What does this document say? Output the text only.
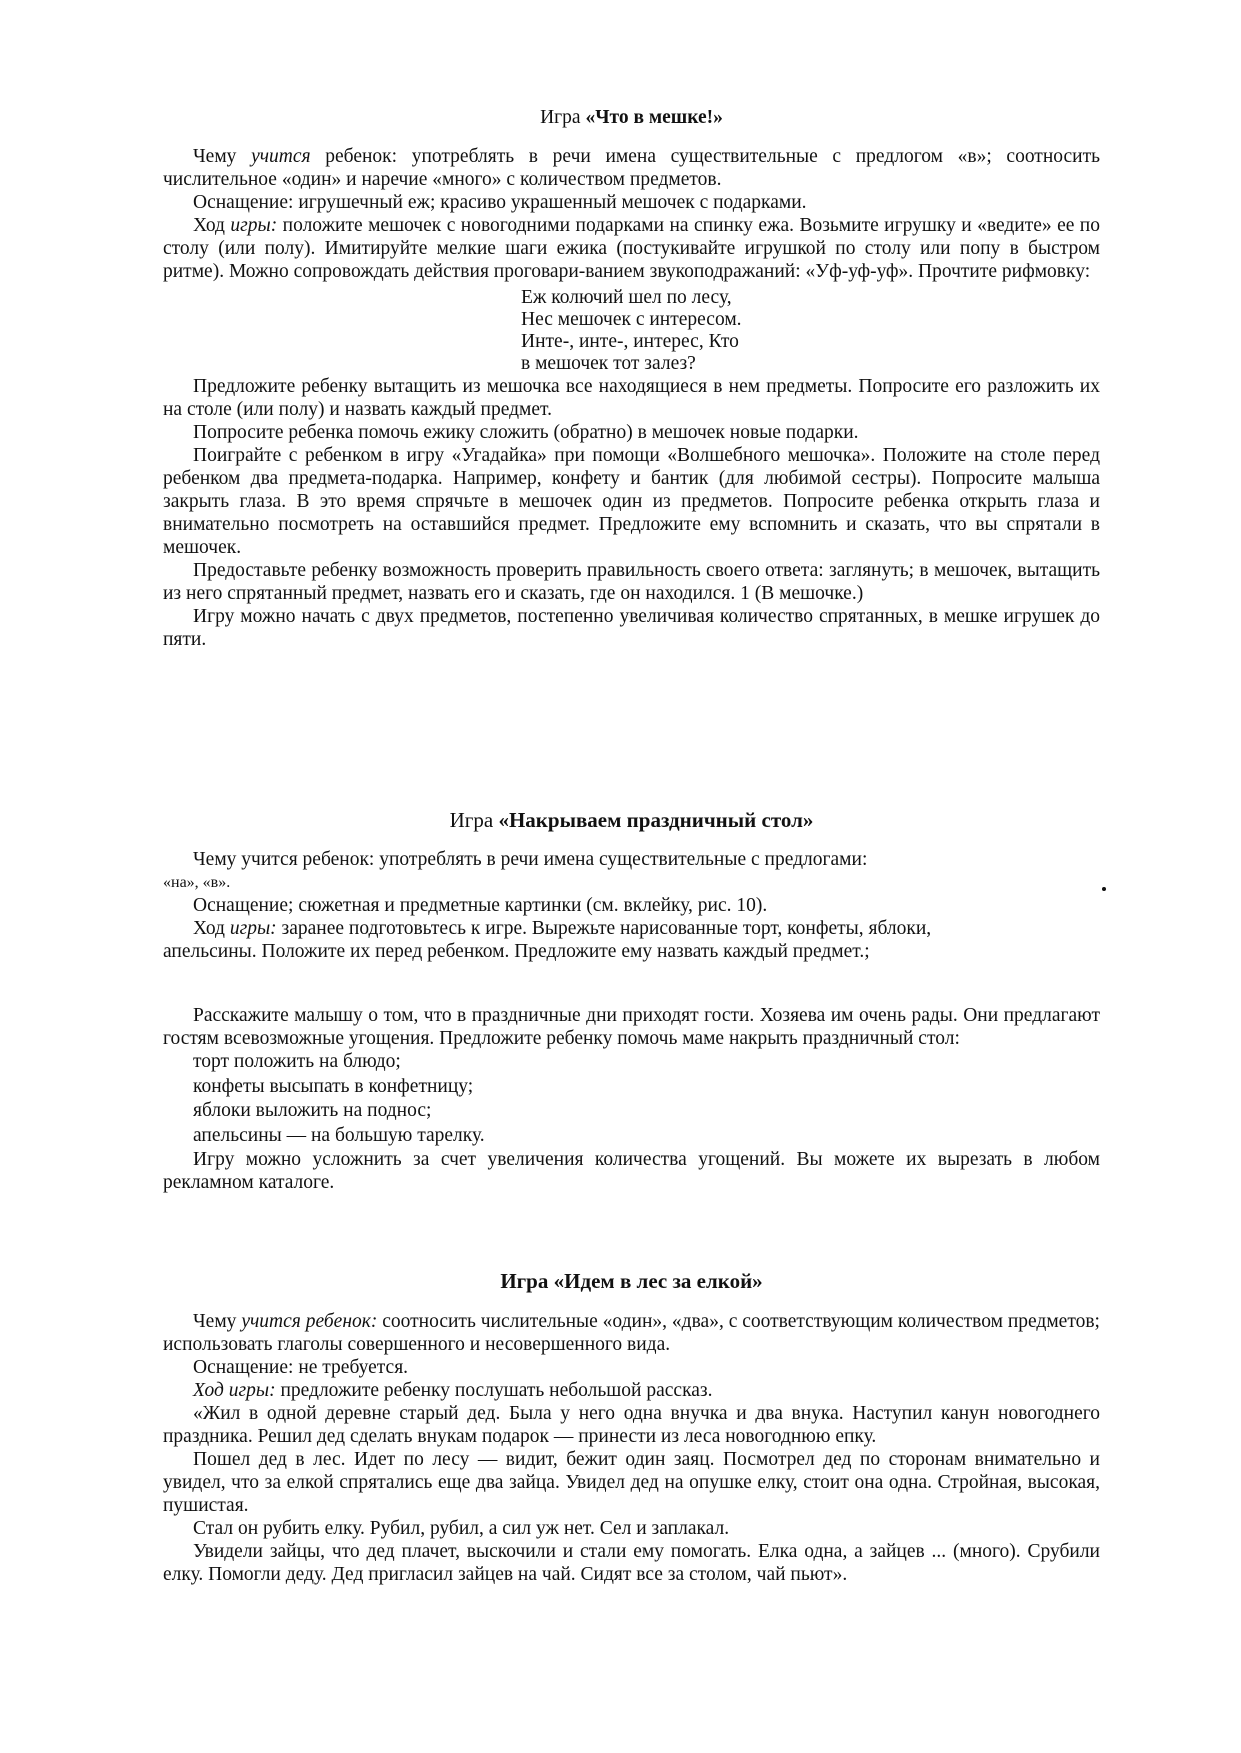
Игра «Что в мешке!»

Чему учится ребенок: употреблять в речи имена существительные с предлогом «в»; соотносить числительное «один» и наречие «много» с количеством предметов.

Оснащение: игрушечный еж; красиво украшенный мешочек с подарками.

Ход игры: положите мешочек с новогодними подарками на спинку ежа. Возьмите игрушку и «ведите» ее по столу (или полу). Имитируйте мелкие шаги ежика (постукивайте игрушкой по столу или попу в быстром ритме). Можно сопровождать действия проговари-ванием звукоподражаний: «Уф-уф-уф». Прочтите рифмовку:

Еж колючий шел по лесу,
Нес мешочек с интересом.
Инте-, инте-, интерес, Кто
в мешочек тот залез?

Предложите ребенку вытащить из мешочка все находящиеся в нем предметы. Попросите его разложить их на столе (или полу) и назвать каждый предмет.

Попросите ребенка помочь ежику сложить (обратно) в мешочек новые подарки.

Поиграйте с ребенком в игру «Угадайка» при помощи «Волшебного мешочка». Положите на столе перед ребенком два предмета-подарка. Например, конфету и бантик (для любимой сестры). Попросите малыша закрыть глаза. В это время спрячьте в мешочек один из предметов. Попросите ребенка открыть глаза и внимательно посмотреть на оставшийся предмет. Предложите ему вспомнить и сказать, что вы спрятали в мешочек.

Предоставьте ребенку возможность проверить правильность своего ответа: заглянуть; в мешочек, вытащить из него спрятанный предмет, назвать его и сказать, где он находился. 1 (В мешочке.)

Игру можно начать с двух предметов, постепенно увеличивая количество спрятанных, в мешке игрушек до пяти.

Игра «Накрываем праздничный стол»

Чему учится ребенок: употреблять в речи имена существительные с предлогами:

«на», «в».

Оснащение; сюжетная и предметные картинки (см. вклейку, рис. 10).

Ход игры: заранее подготовьтесь к игре. Вырежьте нарисованные торт, конфеты, яблоки,

апельсины. Положите их перед ребенком. Предложите ему назвать каждый предмет.;

Расскажите малышу о том, что в праздничные дни приходят гости. Хозяева им очень рады. Они предлагают гостям всевозможные угощения. Предложите ребенку помочь маме накрыть праздничный стол:

торт положить на блюдо;
конфеты высыпать в конфетницу;
яблоки выложить на поднос;
апельсины — на большую тарелку.

Игру можно усложнить за счет увеличения количества угощений. Вы можете их вырезать в любом рекламном каталоге.

Игра «Идем в лес за елкой»

Чему учится ребенок: соотносить числительные «один», «два», с соответствующим количеством предметов; использовать глаголы совершенного и несовершенного вида.

Оснащение: не требуется.

Ход игры: предложите ребенку послушать небольшой рассказ.

«Жил в одной деревне старый дед. Была у него одна внучка и два внука. Наступил канун новогоднего праздника. Решил дед сделать внукам подарок — принести из леса новогоднюю епку.

Пошел дед в лес. Идет по лесу — видит, бежит один заяц. Посмотрел дед по сторонам внимательно и увидел, что за елкой спрятались еще два зайца. Увидел дед на опушке елку, стоит она одна. Стройная, высокая, пушистая.

Стал он рубить елку. Рубил, рубил, а сил уж нет. Сел и заплакал.

Увидели зайцы, что дед плачет, выскочили и стали ему помогать. Елка одна, а зайцев ... (много). Срубили елку. Помогли деду. Дед пригласил зайцев на чай. Сидят все за столом, чай пьют».
